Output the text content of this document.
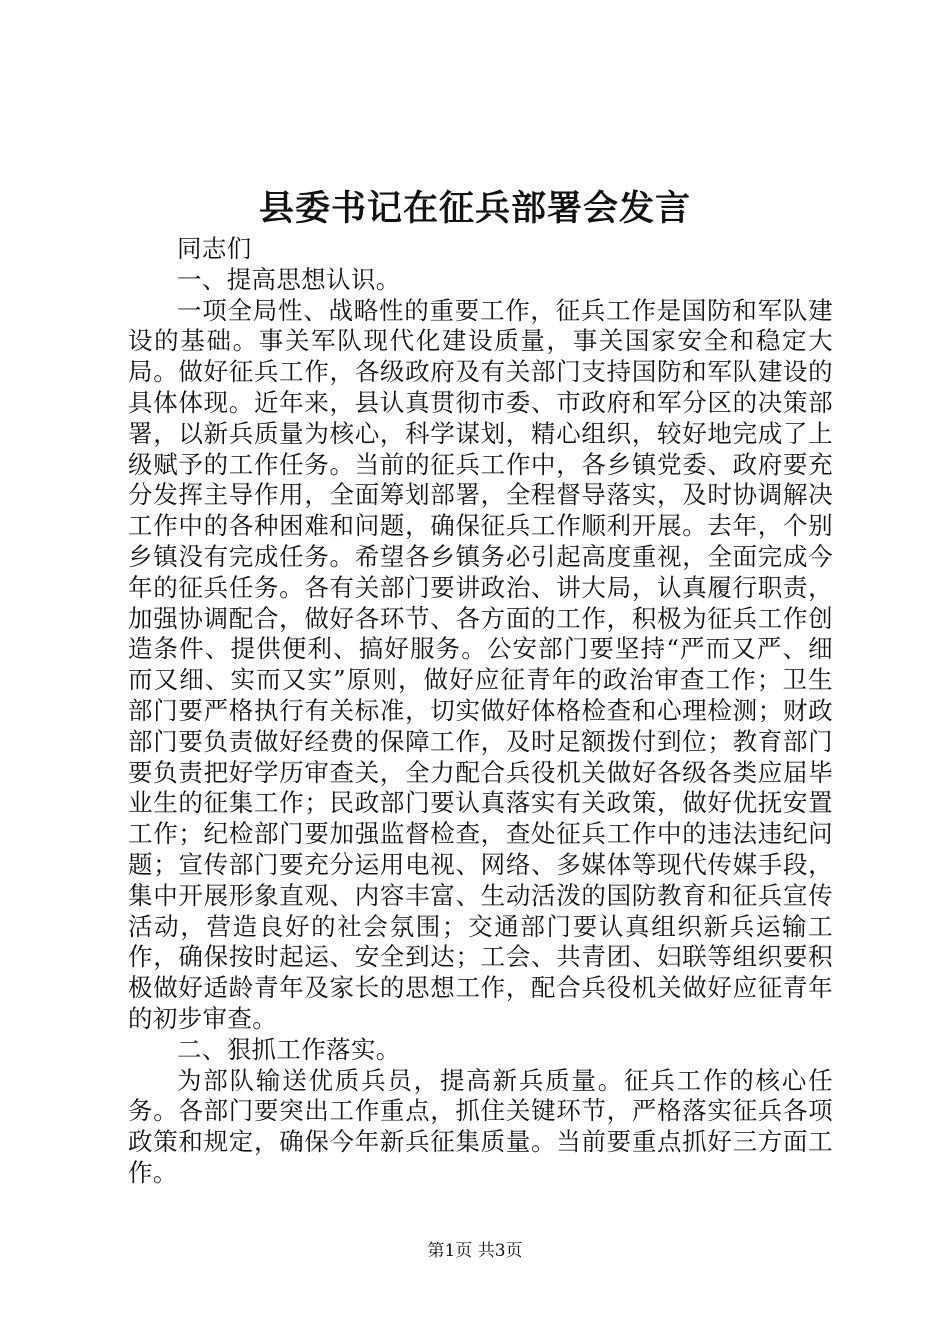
县委书记在征兵部署会发言

同志们

一、提高思想认识。

一项全局性、战略性的重要工作，征兵工作是国防和军队建设的基础。事关军队现代化建设质量，事关国家安全和稳定大局。做好征兵工作，各级政府及有关部门支持国防和军队建设的具体体现。近年来，县认真贯彻市委、市政府和军分区的决策部署，以新兵质量为核心，科学谋划，精心组织，较好地完成了上级赋予的工作任务。当前的征兵工作中，各乡镇党委、政府要充分发挥主导作用，全面筹划部署，全程督导落实，及时协调解决工作中的各种困难和问题，确保征兵工作顺利开展。去年，个别乡镇没有完成任务。希望各乡镇务必引起高度重视，全面完成今年的征兵任务。各有关部门要讲政治、讲大局，认真履行职责，加强协调配合，做好各环节、各方面的工作，积极为征兵工作创造条件、提供便利、搞好服务。公安部门要坚持“严而又严、细而又细、实而又实”原则，做好应征青年的政治审查工作；卫生部门要严格执行有关标准，切实做好体格检查和心理检测；财政部门要负责做好经费的保障工作，及时足额拨付到位；教育部门要负责把好学历审查关，全力配合兵役机关做好各级各类应届毕业生的征集工作；民政部门要认真落实有关政策，做好优抚安置工作；纪检部门要加强监督检查，查处征兵工作中的违法违纪问题；宣传部门要充分运用电视、网络、多媒体等现代传媒手段，集中开展形象直观、内容丰富、生动活泼的国防教育和征兵宣传活动，营造良好的社会氛围；交通部门要认真组织新兵运输工作，确保按时起运、安全到达；工会、共青团、妇联等组织要积极做好适龄青年及家长的思想工作，配合兵役机关做好应征青年的初步审查。

二、狠抓工作落实。

为部队输送优质兵员，提高新兵质量。征兵工作的核心任务。各部门要突出工作重点，抓住关键环节，严格落实征兵各项政策和规定，确保今年新兵征集质量。当前要重点抓好三方面工作。

第1页 共3页
